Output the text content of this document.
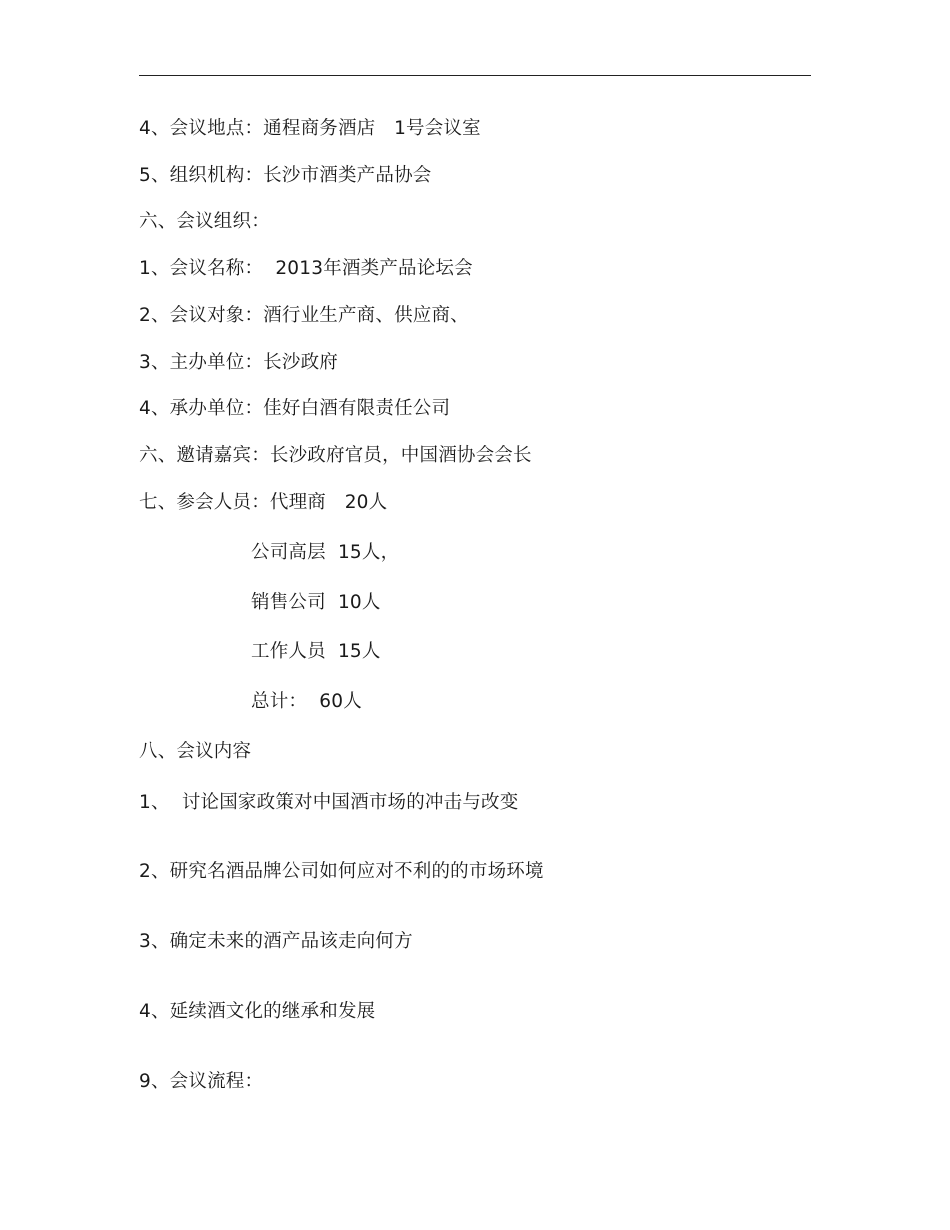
4、会议地点：通程商务酒店　1号会议室
5、组织机构：长沙市酒类产品协会
六、会议组织：
1、会议名称：  2013年酒类产品论坛会
2、会议对象：酒行业生产商、供应商、
3、主办单位：长沙政府
4、承办单位：佳好白酒有限责任公司
六、邀请嘉宾：长沙政府官员，中国酒协会会长
七、参会人员：代理商　20人
公司高层  15人，
销售公司  10人
工作人员  15人
总计：  60人
八、会议内容
1、  讨论国家政策对中国酒市场的冲击与改变
2、研究名酒品牌公司如何应对不利的的市场环境
3、确定未来的酒产品该走向何方
4、延续酒文化的继承和发展
9、会议流程：
